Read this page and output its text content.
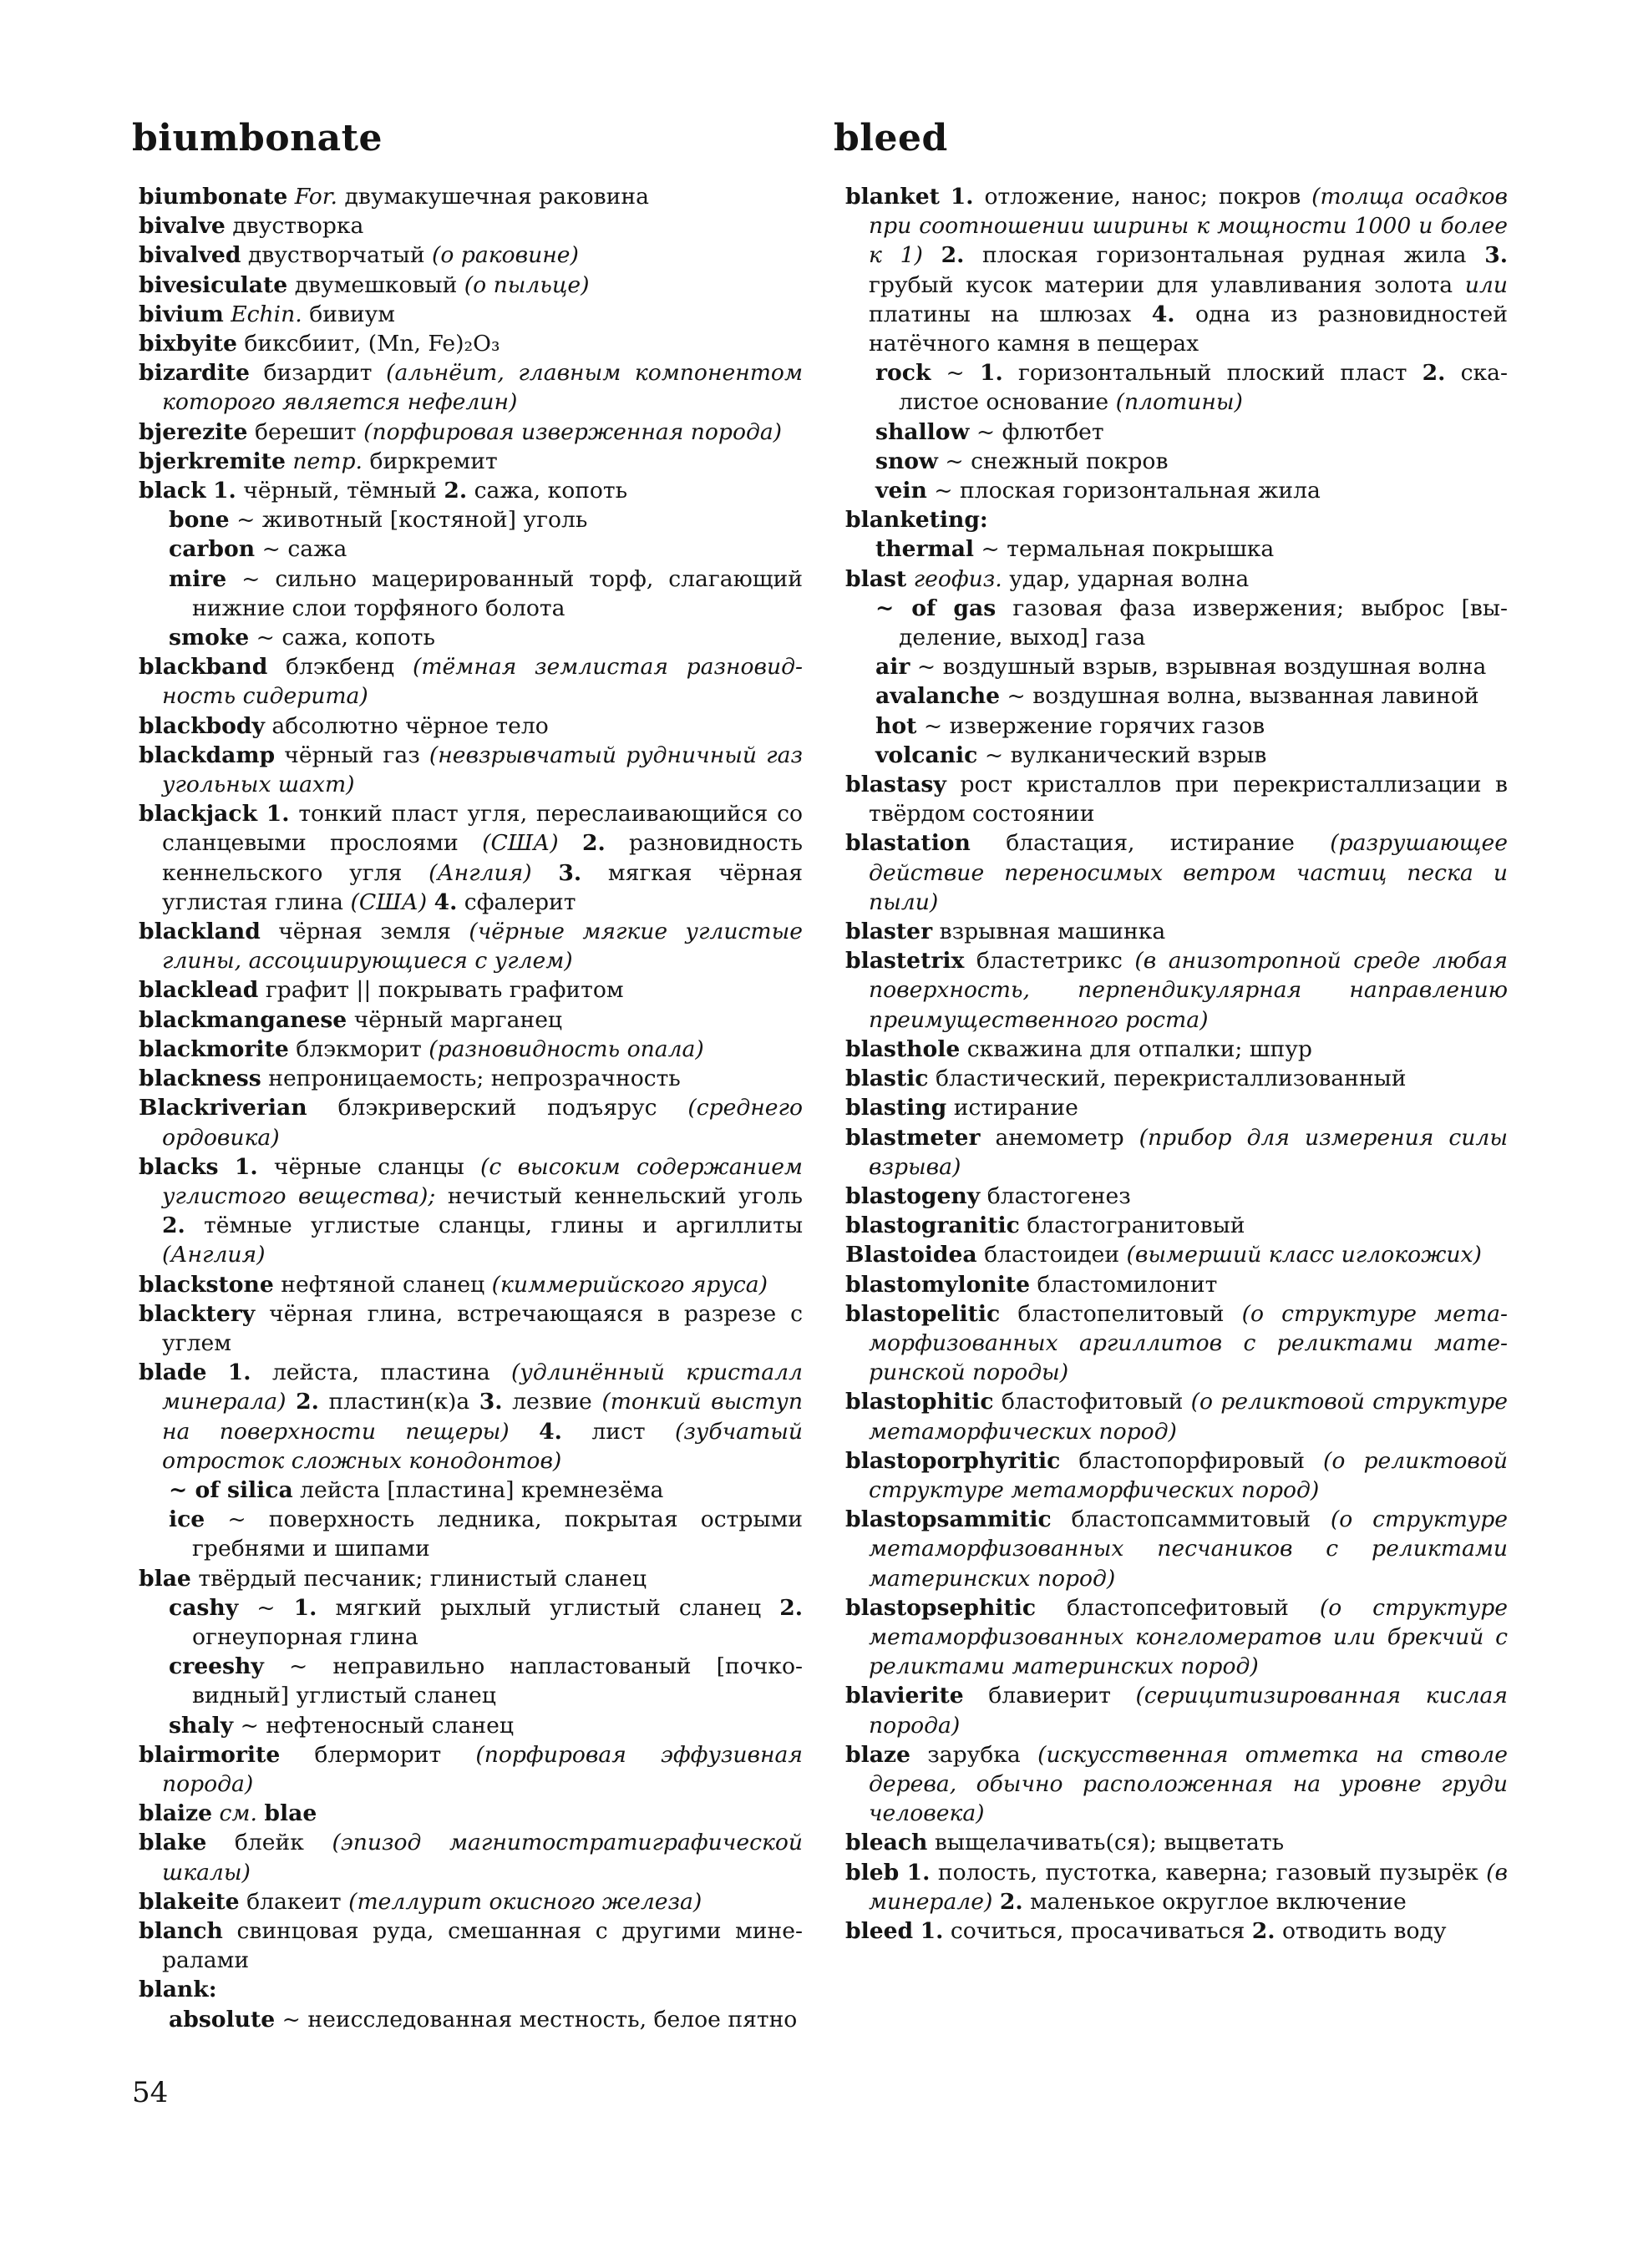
biumbonate	bleed

biumbonate For. двумакушечная раковина

bivalve двустворка

bivalved двустворчатый (о раковине)

bivesiculate двумешковый (о пыльце)

bivium Echin. бивиум

bixbyite биксбиит, (Mn, Fe)₂O₃

bizardite бизардит (альнёит, главным компонентом которого является нефелин)

bjerezite берешит (порфировая изверженная порода)

bjerkremite петр. биркремит

black 1. чёрный, тёмный 2. сажа, копоть

bone ~ животный [костяной] уголь

carbon ~ сажа

mire ~ сильно мацерированный торф, слагающий нижние слои торфяного болота

smoke ~ сажа, копоть

blackband блэкбенд (тёмная землистая разновидность сидерита)

blackbody абсолютно чёрное тело

blackdamp чёрный газ (невзрывчатый рудничный газ угольных шахт)

blackjack 1. тонкий пласт угля, переслаивающийся со сланцевыми прослоями (США) 2. разновидность кеннельского угля (Англия) 3. мягкая чёрная углистая глина (США) 4. сфалерит

blackland чёрная земля (чёрные мягкие углистые глины, ассоциирующиеся с углем)

blacklead графит || покрывать графитом

blackmanganese чёрный марганец

blackmorite блэкморит (разновидность опала)

blackness непроницаемость; непрозрачность

Blackriverian блэкриверский подъярус (среднего ордовика)

blacks 1. чёрные сланцы (с высоким содержанием углистого вещества); нечистый кеннельский уголь 2. тёмные углистые сланцы, глины и аргиллиты (Англия)

blackstone нефтяной сланец (киммерийского яруса)

blacktery чёрная глина, встречающаяся в разрезе с углем

blade 1. лейста, пластина (удлинённый кристалл минерала) 2. пластин(к)а 3. лезвие (тонкий выступ на поверхности пещеры) 4. лист (зубчатый отросток сложных конодонтов)

~ of silica лейста [пластина] кремнезёма

ice ~ поверхность ледника, покрытая острыми гребнями и шипами

blae твёрдый песчаник; глинистый сланец

cashy ~ 1. мягкий рыхлый углистый сланец 2. огнеупорная глина

creeshy ~ неправильно напластованый [почковидный] углистый сланец

shaly ~ нефтеносный сланец

blairmorite блерморит (порфировая эффузивная порода)

blaize см. blae

blake блейк (эпизод магнитостратиграфической шкалы)

blakeite блакеит (теллурит окисного железа)

blanch свинцовая руда, смешанная с другими минералами

blank:

absolute ~ неисследованная местность, белое пятно

blanket 1. отложение, нанос; покров (толща осадков при соотношении ширины к мощности 1000 и более к 1) 2. плоская горизонтальная рудная жила 3. грубый кусок материи для улавливания золота или платины на шлюзах 4. одна из разновидностей натёчного камня в пещерах

rock ~ 1. горизонтальный плоский пласт 2. скалистое основание (плотины)

shallow ~ флютбет

snow ~ снежный покров

vein ~ плоская горизонтальная жила

blanketing:

thermal ~ термальная покрышка

blast геофиз. удар, ударная волна

~ of gas газовая фаза извержения; выброс [выделение, выход] газа

air ~ воздушный взрыв, взрывная воздушная волна

avalanche ~ воздушная волна, вызванная лавиной

hot ~ извержение горячих газов

volcanic ~ вулканический взрыв

blastasy рост кристаллов при перекристаллизации в твёрдом состоянии

blastation бластация, истирание (разрушающее действие переносимых ветром частиц песка и пыли)

blaster взрывная машинка

blastetrix бластетрикс (в анизотропной среде любая поверхность, перпендикулярная направлению преимущественного роста)

blasthole скважина для отпалки; шпур

blastic бластический, перекристаллизованный

blasting истирание

blastmeter анемометр (прибор для измерения силы взрыва)

blastogeny бластогенез

blastogranitic бластогранитовый

Blastoidea бластоидеи (вымерший класс иглокожих)

blastomylonite бластомилонит

blastopelitic бластопелитовый (о структуре метаморфизованных аргиллитов с реликтами материнской породы)

blastophitic бластофитовый (о реликтовой структуре метаморфических пород)

blastoporphyritic бластопорфировый (о реликтовой структуре метаморфических пород)

blastopsammitic бластопсаммитовый (о структуре метаморфизованных песчаников с реликтами материнских пород)

blastopsephitic бластопсефитовый (о структуре метаморфизованных конгломератов или брекчий с реликтами материнских пород)

blavierite блавиерит (серицитизированная кислая порода)

blaze зарубка (искусственная отметка на стволе дерева, обычно расположенная на уровне груди человека)

bleach выщелачивать(ся); выцветать

bleb 1. полость, пустотка, каверна; газовый пузырёк (в минерале) 2. маленькое округлое включение

bleed 1. сочиться, просачиваться 2. отводить воду

54
